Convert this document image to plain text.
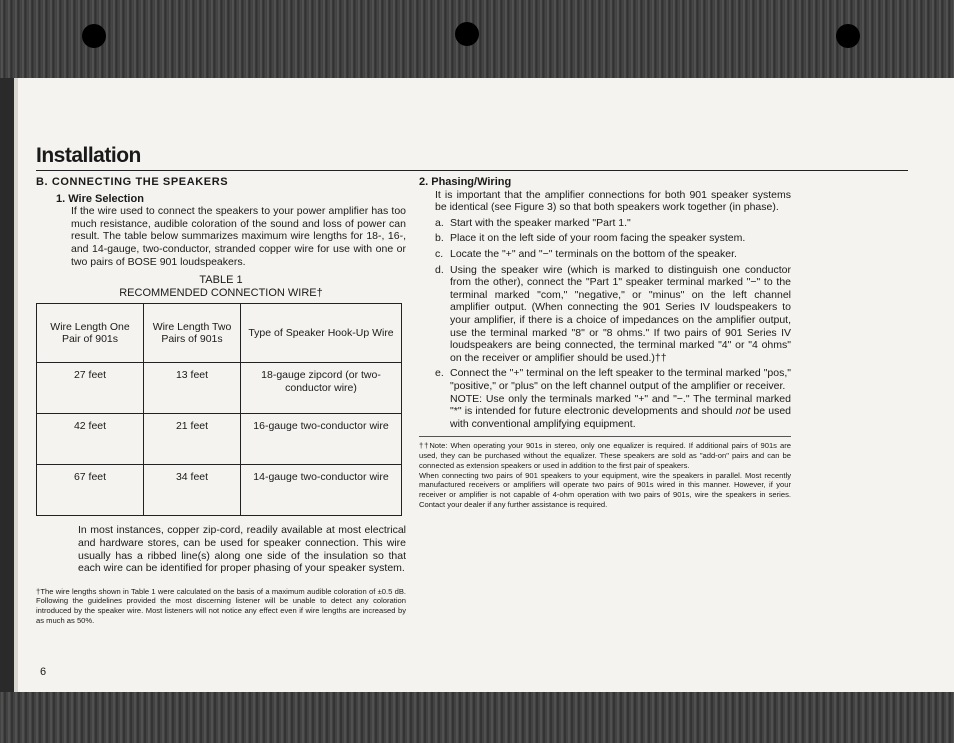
Installation
B. CONNECTING THE SPEAKERS
1. Wire Selection
If the wire used to connect the speakers to your power amplifier has too much resistance, audible coloration of the sound and loss of power can result. The table below summarizes maximum wire lengths for 18-, 16-, and 14-gauge, two-conductor, stranded copper wire for use with one or two pairs of BOSE 901 loudspeakers.
TABLE 1
RECOMMENDED CONNECTION WIRE†
Wire Length One Pair of 901s	Wire Length Two Pairs of 901s	Type of Speaker Hook-Up Wire
27 feet	13 feet	18-gauge zipcord (or two-conductor wire)
42 feet	21 feet	16-gauge two-conductor wire
67 feet	34 feet	14-gauge two-conductor wire
In most instances, copper zip-cord, readily available at most electrical and hardware stores, can be used for speaker connection. This wire usually has a ribbed line(s) along one side of the insulation so that each wire can be identified for proper phasing of your speaker system.
†The wire lengths shown in Table 1 were calculated on the basis of a maximum audible coloration of ±0.5 dB. Following the guidelines provided the most discerning listener will be unable to detect any coloration introduced by the speaker wire. Most listeners will not notice any effect even if wire lengths are increased by as much as 50%.
2. Phasing/Wiring
It is important that the amplifier connections for both 901 speaker systems be identical (see Figure 3) so that both speakers work together (in phase).
a. Start with the speaker marked "Part 1."
b. Place it on the left side of your room facing the speaker system.
c. Locate the "+" and "−" terminals on the bottom of the speaker.
d. Using the speaker wire (which is marked to distinguish one conductor from the other), connect the "Part 1" speaker terminal marked "−" to the terminal marked "com," "negative," or "minus" on the left channel amplifier output. (When connecting the 901 Series IV loudspeakers to your amplifier, if there is a choice of impedances on the amplifier output, use the terminal marked "8" or "8 ohms." If two pairs of 901 Series IV loudspeakers are being connected, the terminal marked "4" or "4 ohms" on the receiver or amplifier should be used.)††
e. Connect the "+" terminal on the left speaker to the terminal marked "pos," "positive," or "plus" on the left channel output of the amplifier or receiver.

NOTE: Use only the terminals marked "+" and "−." The terminal marked "*" is intended for future electronic developments and should not be used with conventional amplifying equipment.

††Note: When operating your 901s in stereo, only one equalizer is required. If additional pairs of 901s are used, they can be purchased without the equalizer. These speakers are sold as "add-on" pairs and can be connected as extension speakers or used in addition to the first pair of speakers.

When connecting two pairs of 901 speakers to your equipment, wire the speakers in parallel. Most recently manufactured receivers or amplifiers will operate two pairs of 901s wired in this manner. However, if your receiver or amplifier is not capable of 4-ohm operation with two pairs of 901s, wire the speakers in series. Contact your dealer if any further assistance is required.

6
